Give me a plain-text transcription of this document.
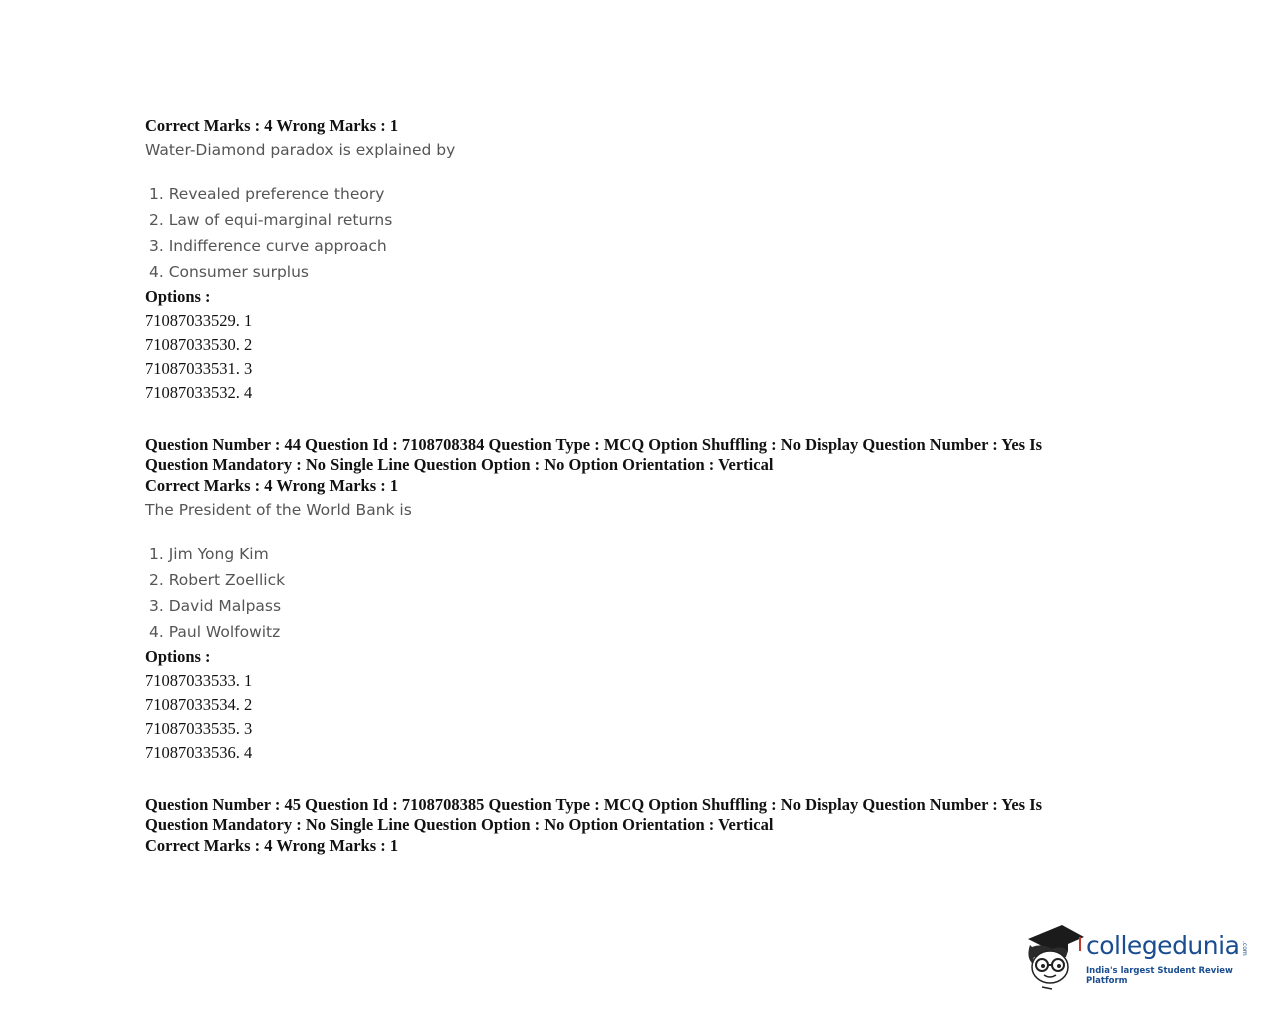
Correct Marks : 4 Wrong Marks : 1

Water-Diamond paradox is explained by

1. Revealed preference theory
2. Law of equi-marginal returns
3. Indifference curve approach
4. Consumer surplus

Options :

71087033529. 1
71087033530. 2
71087033531. 3
71087033532. 4

Question Number : 44 Question Id : 7108708384 Question Type : MCQ Option Shuffling : No Display Question Number : Yes Is

Question Mandatory : No Single Line Question Option : No Option Orientation : Vertical

Correct Marks : 4 Wrong Marks : 1

The President of the World Bank is

1. Jim Yong Kim
2. Robert Zoellick
3. David Malpass
4. Paul Wolfowitz

Options :

71087033533. 1
71087033534. 2
71087033535. 3
71087033536. 4

Question Number : 45 Question Id : 7108708385 Question Type : MCQ Option Shuffling : No Display Question Number : Yes Is

Question Mandatory : No Single Line Question Option : No Option Orientation : Vertical

Correct Marks : 4 Wrong Marks : 1

collegedunia .com
India's largest Student Review Platform
